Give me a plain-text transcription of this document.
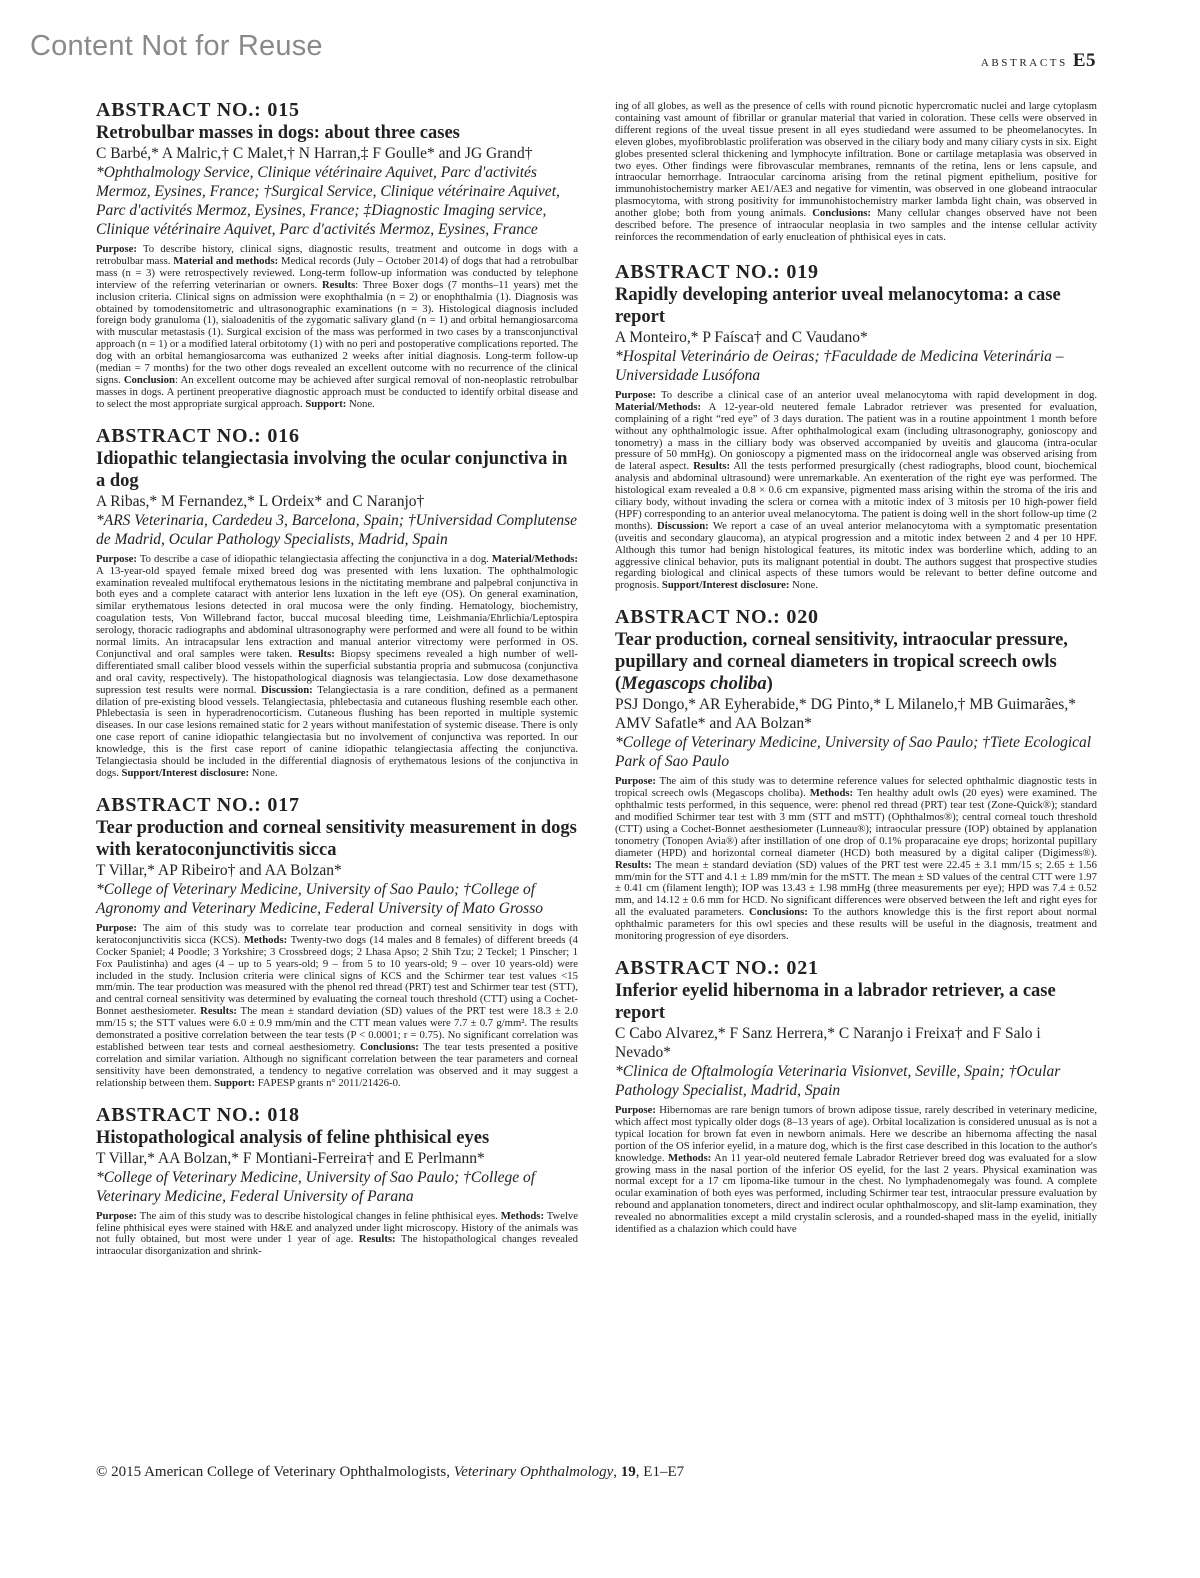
Content Not for Reuse
ABSTRACTS E5
ABSTRACT NO.: 015
Retrobulbar masses in dogs: about three cases
C Barbé,* A Malric,† C Malet,† N Harran,‡ F Goulle* and JG Grand†
*Ophthalmology Service, Clinique vétérinaire Aquivet, Parc d'activités Mermoz, Eysines, France; †Surgical Service, Clinique vétérinaire Aquivet, Parc d'activités Mermoz, Eysines, France; ‡Diagnostic Imaging service, Clinique vétérinaire Aquivet, Parc d'activités Mermoz, Eysines, France

Purpose: To describe history, clinical signs, diagnostic results, treatment and outcome in dogs with a retrobulbar mass. Material and methods: Medical records (July – October 2014) of dogs that had a retrobulbar mass (n = 3) were retrospectively reviewed. Long-term follow-up information was conducted by telephone interview of the referring veterinarian or owners. Results: Three Boxer dogs (7 months–11 years) met the inclusion criteria. Clinical signs on admission were exophthalmia (n = 2) or enophthalmia (1). Diagnosis was obtained by tomodensitometric and ultrasonographic examinations (n = 3). Histological diagnosis included foreign body granuloma (1), sialoadenitis of the zygomatic salivary gland (n = 1) and orbital hemangiosarcoma with muscular metastasis (1). Surgical excision of the mass was performed in two cases by a transconjunctival approach (n = 1) or a modified lateral orbitotomy (1) with no peri and postoperative complications reported. The dog with an orbital hemangiosarcoma was euthanized 2 weeks after initial diagnosis. Long-term follow-up (median = 7 months) for the two other dogs revealed an excellent outcome with no recurrence of the clinical signs. Conclusion: An excellent outcome may be achieved after surgical removal of non-neoplastic retrobulbar masses in dogs. A pertinent preoperative diagnostic approach must be conducted to identify orbital disease and to select the most appropriate surgical approach. Support: None.

ABSTRACT NO.: 016
Idiopathic telangiectasia involving the ocular conjunctiva in a dog
A Ribas,* M Fernandez,* L Ordeix* and C Naranjo†
*ARS Veterinaria, Cardedeu 3, Barcelona, Spain; †Universidad Complutense de Madrid, Ocular Pathology Specialists, Madrid, Spain

Purpose: To describe a case of idiopathic telangiectasia affecting the conjunctiva in a dog. Material/Methods: A 13-year-old spayed female mixed breed dog was presented with lens luxation. The ophthalmologic examination revealed multifocal erythematous lesions in the nictitating membrane and palpebral conjunctiva in both eyes and a complete cataract with anterior lens luxation in the left eye (OS). On general examination, similar erythematous lesions detected in oral mucosa were the only finding. Hematology, biochemistry, coagulation tests, Von Willebrand factor, buccal mucosal bleeding time, Leishmania/Ehrlichia/Leptospira serology, thoracic radiographs and abdominal ultrasonography were performed and were all found to be within normal limits. An intracapsular lens extraction and manual anterior vitrectomy were performed in OS. Conjunctival and oral samples were taken. Results: Biopsy specimens revealed a high number of well-differentiated small caliber blood vessels within the superficial substantia propria and submucosa (conjunctiva and oral cavity, respectively). The histopathological diagnosis was telangiectasia. Low dose dexamethasone supression test results were normal. Discussion: Telangiectasia is a rare condition, defined as a permanent dilation of pre-existing blood vessels. Telangiectasia, phlebectasia and cutaneous flushing resemble each other. Phlebectasia is seen in hyperadrenocorticism. Cutaneous flushing has been reported in multiple systemic diseases. In our case lesions remained static for 2 years without manifestation of systemic disease. There is only one case report of canine idiopathic telangiectasia but no involvement of conjunctiva was reported. In our knowledge, this is the first case report of canine idiopathic telangiectasia affecting the conjunctiva. Telangiectasia should be included in the differential diagnosis of erythematous lesions of the conjunctiva in dogs. Support/Interest disclosure: None.

ABSTRACT NO.: 017
Tear production and corneal sensitivity measurement in dogs with keratoconjunctivitis sicca
T Villar,* AP Ribeiro† and AA Bolzan*
*College of Veterinary Medicine, University of Sao Paulo; †College of Agronomy and Veterinary Medicine, Federal University of Mato Grosso

Purpose: The aim of this study was to correlate tear production and corneal sensitivity in dogs with keratoconjunctivitis sicca (KCS). Methods: Twenty-two dogs (14 males and 8 females) of different breeds (4 Cocker Spaniel; 4 Poodle; 3 Yorkshire; 3 Crossbreed dogs; 2 Lhasa Apso; 2 Shih Tzu; 2 Teckel; 1 Pinscher; 1 Fox Paulistinha) and ages (4 – up to 5 years-old; 9 – from 5 to 10 years-old; 9 – over 10 years-old) were included in the study. Inclusion criteria were clinical signs of KCS and the Schirmer tear test values <15 mm/min. The tear production was measured with the phenol red thread (PRT) test and Schirmer tear test (STT), and central corneal sensitivity was determined by evaluating the corneal touch threshold (CTT) using a Cochet-Bonnet aesthesiometer. Results: The mean ± standard deviation (SD) values of the PRT test were 18.3 ± 2.0 mm/15 s; the STT values were 6.0 ± 0.9 mm/min and the CTT mean values were 7.7 ± 0.7 g/mm². The results demonstrated a positive correlation between the tear tests (P < 0.0001; r = 0.75). No significant correlation was established between tear tests and corneal aesthesiometry. Conclusions: The tear tests presented a positive correlation and similar variation. Although no significant correlation between the tear parameters and corneal sensitivity have been demonstrated, a tendency to negative correlation was observed and it may suggest a relationship between them. Support: FAPESP grants n° 2011/21426-0.

ABSTRACT NO.: 018
Histopathological analysis of feline phthisical eyes
T Villar,* AA Bolzan,* F Montiani-Ferreira† and E Perlmann*
*College of Veterinary Medicine, University of Sao Paulo; †College of Veterinary Medicine, Federal University of Parana

Purpose: The aim of this study was to describe histological changes in feline phthisical eyes. Methods: Twelve feline phthisical eyes were stained with H&E and analyzed under light microscopy. History of the animals was not fully obtained, but most were under 1 year of age. Results: The histopathological changes revealed intraocular disorganization and shrink-

ing of all globes, as well as the presence of cells with round picnotic hypercromatic nuclei and large cytoplasm containing vast amount of fibrillar or granular material that varied in coloration. These cells were observed in different regions of the uveal tissue present in all eyes studiedand were assumed to be pheomelanocytes. In eleven globes, myofibroblastic proliferation was observed in the ciliary body and many ciliary cysts in six. Eight globes presented scleral thickening and lymphocyte infiltration. Bone or cartilage metaplasia was observed in two eyes. Other findings were fibrovascular membranes, remnants of the retina, lens or lens capsule, and intraocular hemorrhage. Intraocular carcinoma arising from the retinal pigment epithelium, positive for immunohistochemistry marker AE1/AE3 and negative for vimentin, was observed in one globeand intraocular plasmocytoma, with strong positivity for immunohistochemistry marker lambda light chain, was observed in another globe; both from young animals. Conclusions: Many cellular changes observed have not been described before. The presence of intraocular neoplasia in two samples and the intense cellular activity reinforces the recommendation of early enucleation of phthisical eyes in cats.

ABSTRACT NO.: 019
Rapidly developing anterior uveal melanocytoma: a case report
A Monteiro,* P Faísca† and C Vaudano*
*Hospital Veterinário de Oeiras; †Faculdade de Medicina Veterinária – Universidade Lusófona

Purpose: To describe a clinical case of an anterior uveal melanocytoma with rapid development in dog. Material/Methods: A 12-year-old neutered female Labrador retriever was presented for evaluation, complaining of a right “red eye” of 3 days duration. The patient was in a routine appointment 1 month before without any ophthalmologic issue. After ophthalmological exam (including ultrasonography, gonioscopy and tonometry) a mass in the cilliary body was observed accompanied by uveitis and glaucoma (intra-ocular pressure of 50 mmHg). On gonioscopy a pigmented mass on the iridocorneal angle was observed arising from de lateral aspect. Results: All the tests performed presurgically (chest radiographs, blood count, biochemical analysis and abdominal ultrasound) were unremarkable. An exenteration of the right eye was performed. The histological exam revealed a 0.8 × 0.6 cm expansive, pigmented mass arising within the stroma of the iris and ciliary body, without invading the sclera or cornea with a mitotic index of 3 mitosis per 10 high-power field (HPF) corresponding to an anterior uveal melanocytoma. The patient is doing well in the short follow-up time (2 months). Discussion: We report a case of an uveal anterior melanocytoma with a symptomatic presentation (uveitis and secondary glaucoma), an atypical progression and a mitotic index between 2 and 4 per 10 HPF. Although this tumor had benign histological features, its mitotic index was borderline which, adding to an aggressive clinical behavior, puts its malignant potential in doubt. The authors suggest that prospective studies regarding biological and clinical aspects of these tumors would be relevant to better define outcome and prognosis. Support/Interest disclosure: None.

ABSTRACT NO.: 020
Tear production, corneal sensitivity, intraocular pressure, pupillary and corneal diameters in tropical screech owls (Megascops choliba)
PSJ Dongo,* AR Eyherabide,* DG Pinto,* L Milanelo,† MB Guimarães,* AMV Safatle* and AA Bolzan*
*College of Veterinary Medicine, University of Sao Paulo; †Tiete Ecological Park of Sao Paulo

Purpose: The aim of this study was to determine reference values for selected ophthalmic diagnostic tests in tropical screech owls (Megascops choliba). Methods: Ten healthy adult owls (20 eyes) were examined. The ophthalmic tests performed, in this sequence, were: phenol red thread (PRT) tear test (Zone-Quick®); standard and modified Schirmer tear test with 3 mm (STT and mSTT) (Ophthalmos®); central corneal touch threshold (CTT) using a Cochet-Bonnet aesthesiometer (Lunneau®); intraocular pressure (IOP) obtained by applanation tonometry (Tonopen Avia®) after instillation of one drop of 0.1% proparacaine eye drops; horizontal pupillary diameter (HPD) and horizontal corneal diameter (HCD) both measured by a digital caliper (Digimess®). Results: The mean ± standard deviation (SD) values of the PRT test were 22.45 ± 3.1 mm/15 s; 2.65 ± 1.56 mm/min for the STT and 4.1 ± 1.89 mm/min for the mSTT. The mean ± SD values of the central CTT were 1.97 ± 0.41 cm (filament length); IOP was 13.43 ± 1.98 mmHg (three measurements per eye); HPD was 7.4 ± 0.52 mm, and 14.12 ± 0.6 mm for HCD. No significant differences were observed between the left and right eyes for all the evaluated parameters. Conclusions: To the authors knowledge this is the first report about normal ophthalmic parameters for this owl species and these results will be useful in the diagnosis, treatment and monitoring progression of eye disorders.

ABSTRACT NO.: 021
Inferior eyelid hibernoma in a labrador retriever, a case report
C Cabo Alvarez,* F Sanz Herrera,* C Naranjo i Freixa† and F Salo i Nevado*
*Clinica de Oftalmología Veterinaria Visionvet, Seville, Spain; †Ocular Pathology Specialist, Madrid, Spain

Purpose: Hibernomas are rare benign tumors of brown adipose tissue, rarely described in veterinary medicine, which affect most typically older dogs (8–13 years of age). Orbital localization is considered unusual as is not a typical location for brown fat even in newborn animals. Here we describe an hibernoma affecting the nasal portion of the OS inferior eyelid, in a mature dog, which is the first case described in this location to the author's knowledge. Methods: An 11 year-old neutered female Labrador Retriever breed dog was evaluated for a slow growing mass in the nasal portion of the inferior OS eyelid, for the last 2 years. Physical examination was normal except for a 17 cm lipoma-like tumour in the chest. No lymphadenomegaly was found. A complete ocular examination of both eyes was performed, including Schirmer tear test, intraocular pressure evaluation by rebound and applanation tonometers, direct and indirect ocular ophthalmoscopy, and slit-lamp examination, they revealed no abnormalities except a mild crystalin sclerosis, and a rounded-shaped mass in the eyelid, initially identified as a chalazion which could have

© 2015 American College of Veterinary Ophthalmologists, Veterinary Ophthalmology, 19, E1–E7
